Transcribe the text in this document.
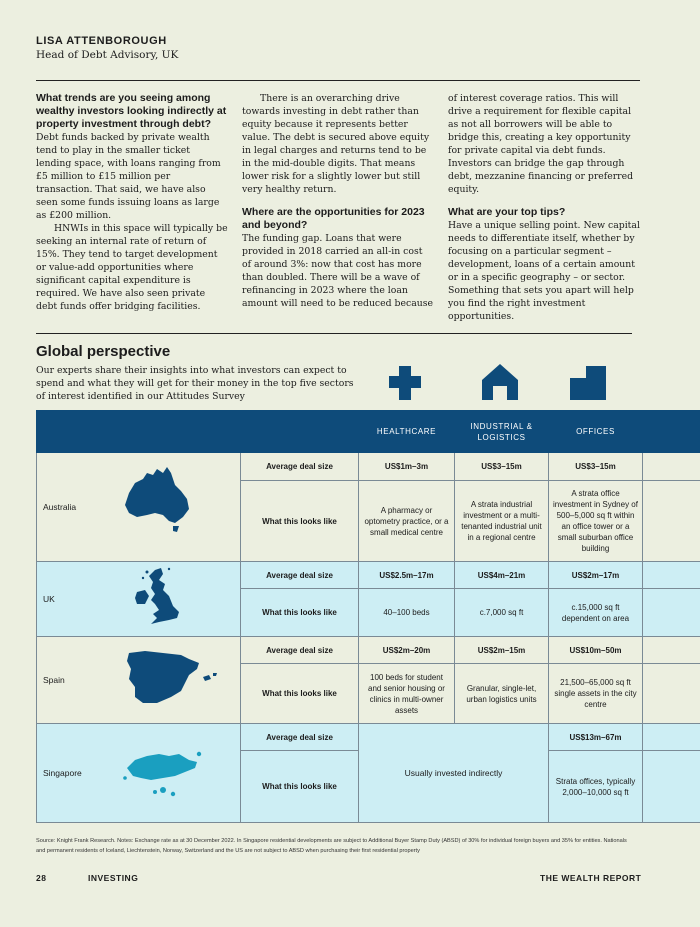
LISA ATTENBOROUGH
Head of Debt Advisory, UK
What trends are you seeing among wealthy investors looking indirectly at property investment through debt?

Debt funds backed by private wealth tend to play in the smaller ticket lending space, with loans ranging from £5 million to £15 million per transaction. That said, we have also seen some funds issuing loans as large as £200 million.

HNWIs in this space will typically be seeking an internal rate of return of 15%. They tend to target development or value-add opportunities where significant capital expenditure is required. We have also seen private debt funds offer bridging facilities.

There is an overarching drive towards investing in debt rather than equity because it represents better value. The debt is secured above equity in legal charges and returns tend to be in the mid-double digits. That means lower risk for a slightly lower but still very healthy return.

Where are the opportunities for 2023 and beyond?

The funding gap. Loans that were provided in 2018 carried an all-in cost of around 3%: now that cost has more than doubled. There will be a wave of refinancing in 2023 where the loan amount will need to be reduced because

of interest coverage ratios. This will drive a requirement for flexible capital as not all borrowers will be able to bridge this, creating a key opportunity for private capital via debt funds. Investors can bridge the gap through debt, mezzanine financing or preferred equity.

What are your top tips?

Have a unique selling point. New capital needs to differentiate itself, whether by focusing on a particular segment – development, loans of a certain amount or in a specific geography – or sector. Something that sets you apart will help you find the right investment opportunities.

Global perspective
Our experts share their insights into what investors can expect to spend and what they will get for their money in the top five sectors of interest identified in our Attitudes Survey
		HEALTHCARE	INDUSTRIAL & LOGISTICS	OFFICES	
Australia	Average deal size	US$1m–3m	US$3–15m	US$3–15m	
	What this looks like	A pharmacy or optometry practice, or a small medical centre	A strata industrial investment or a multi-tenanted industrial unit in a regional centre	A strata office investment in Sydney of 500–5,000 sq ft within an office tower or a small suburban office building	
UK	Average deal size	US$2.5m–17m	US$4m–21m	US$2m–17m	
	What this looks like	40–100 beds	c.7,000 sq ft	c.15,000 sq ft dependent on area	
Spain	Average deal size	US$2m–20m	US$2m–15m	US$10m–50m	
	What this looks like	100 beds for student and senior housing or clinics in multi-owner assets	Granular, single-let, urban logistics units	21,500–65,000 sq ft single assets in the city centre	
Singapore	Average deal size	Usually invested indirectly		US$13m–67m	
	What this looks like			Strata offices, typically 2,000–10,000 sq ft	
Source: Knight Frank Research. Notes: Exchange rate as at 30 December 2022. In Singapore residential developments are subject to Additional Buyer Stamp Duty (ABSD) of 30% for individual foreign buyers and 35% for entities. Nationals and permanent residents of Iceland, Liechtenstein, Norway, Switzerland and the US are not subject to ABSD when purchasing their first residential property
28	INVESTING	THE WEALTH REPORT
